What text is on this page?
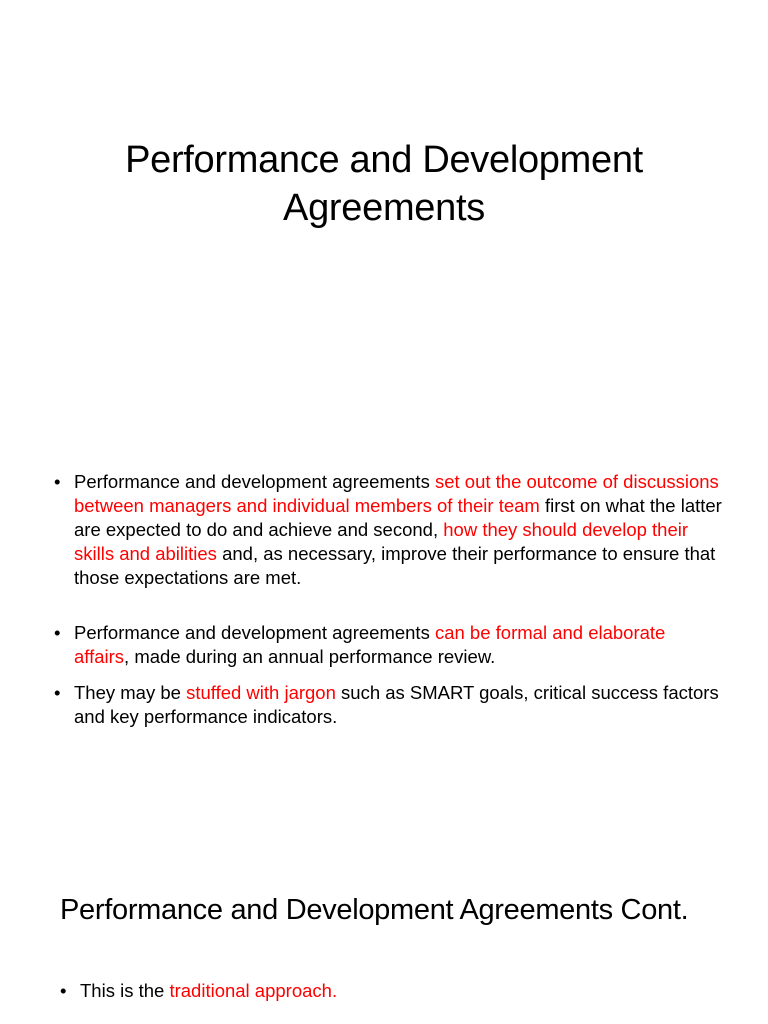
Performance and Development
Agreements
• Performance and development agreements set out the outcome of discussions between managers and individual members of their team first on what the latter are expected to do and achieve and second, how they should develop their skills and abilities and, as necessary, improve their performance to ensure that those expectations are met.
• Performance and development agreements can be formal and elaborate affairs, made during an annual performance review.
• They may be stuffed with jargon such as SMART goals, critical success factors and key performance indicators.
Performance and Development Agreements Cont.
• This is the traditional approach.
